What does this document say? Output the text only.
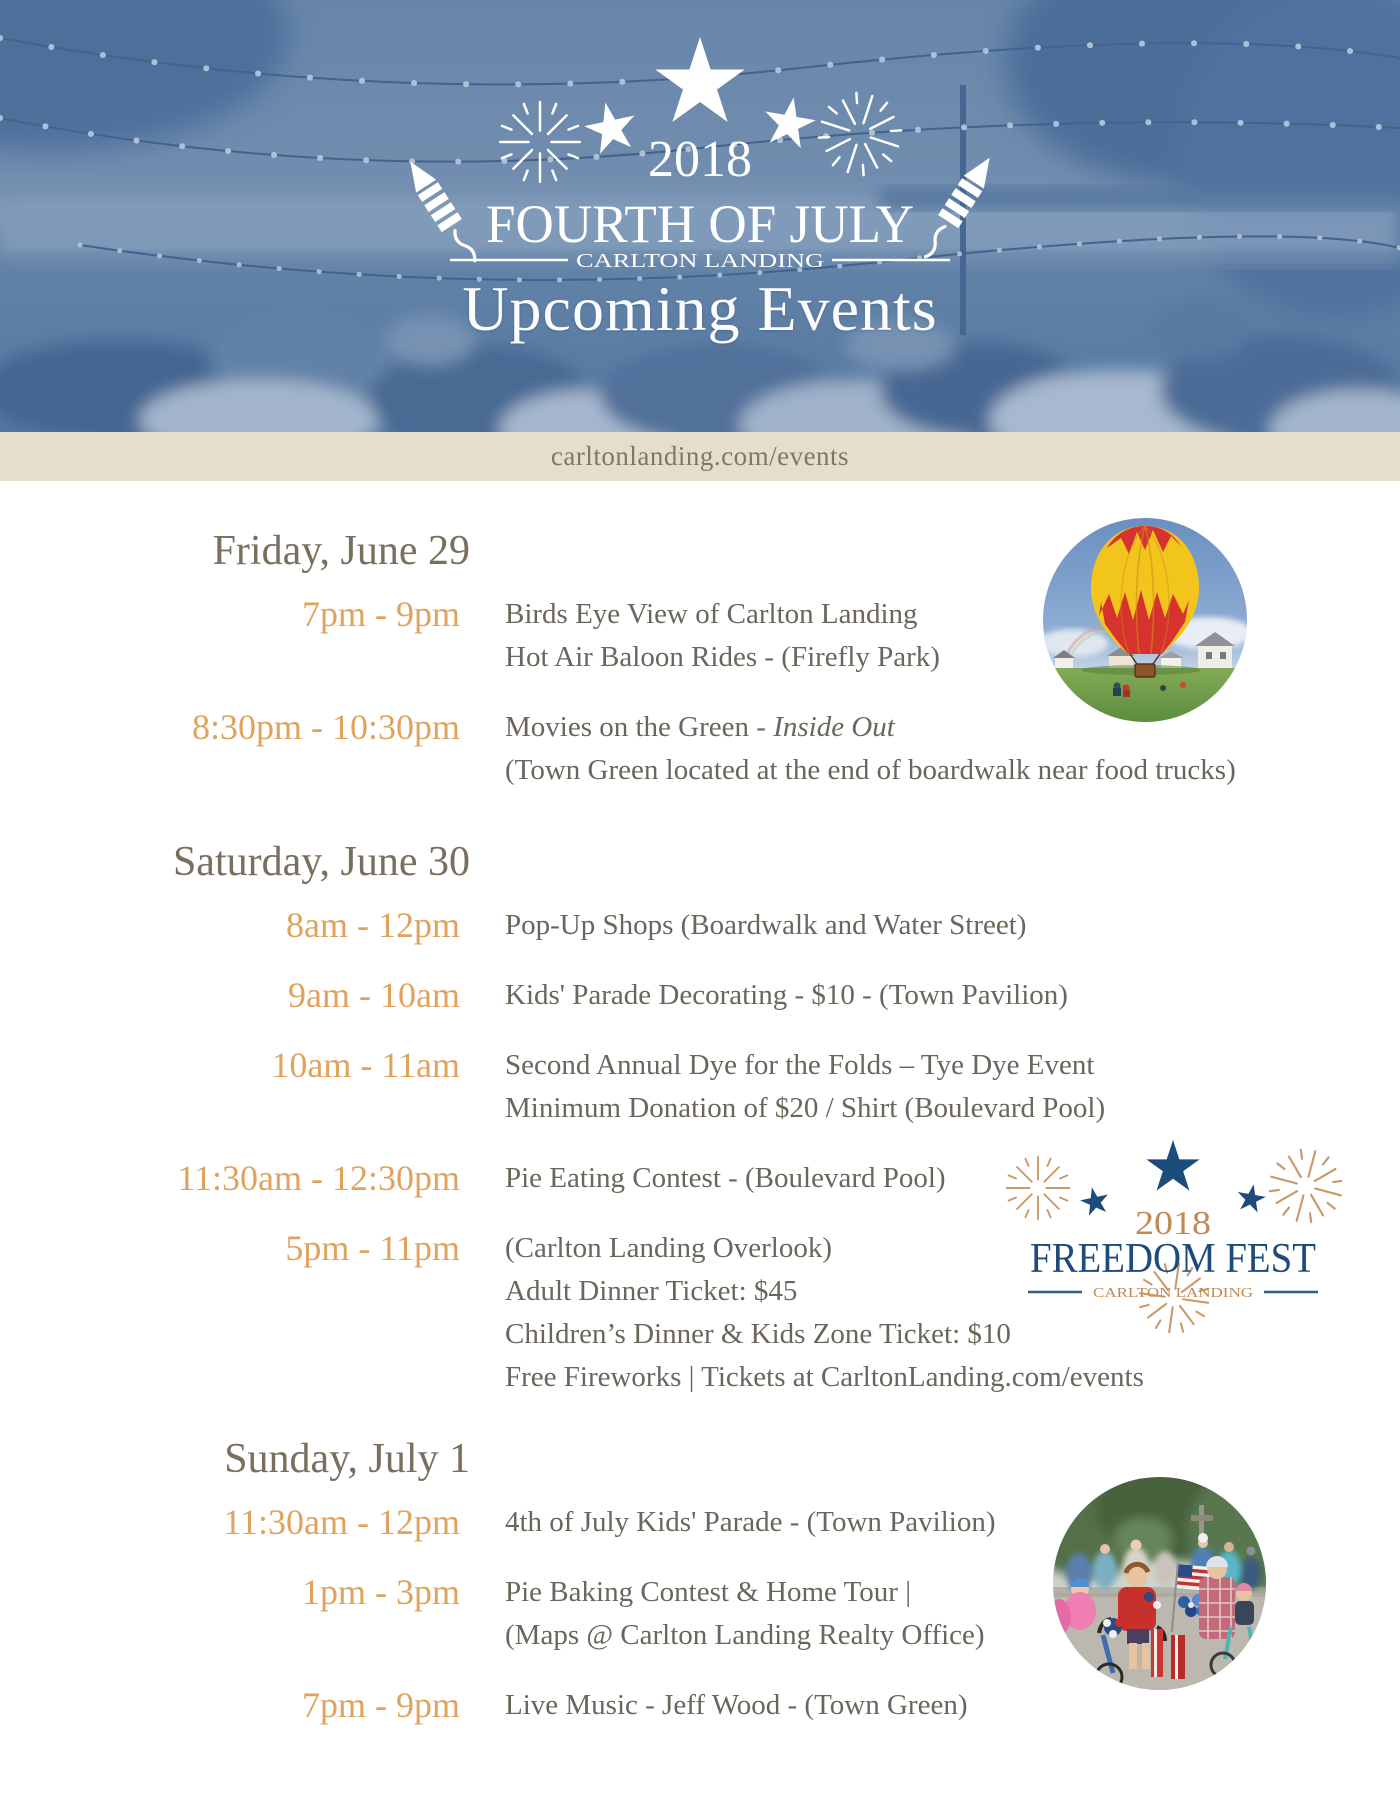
2018
FOURTH OF JULY
CARLTON LANDING
Upcoming Events
carltonlanding.com/events
Friday, June 29
7pm - 9pm Birds Eye View of Carlton Landing

Hot Air Baloon Rides - (Firefly Park)

8:30pm - 10:30pm Movies on the Green - Inside Out

(Town Green located at the end of boardwalk near food trucks)

Saturday, June 30
8am - 12pm Pop-Up Shops (Boardwalk and Water Street)

9am - 10am Kids' Parade Decorating - $10 - (Town Pavilion)

10am - 11am Second Annual Dye for the Folds – Tye Dye Event

Minimum Donation of $20 / Shirt (Boulevard Pool)

11:30am - 12:30pm Pie Eating Contest - (Boulevard Pool)

5pm - 11pm (Carlton Landing Overlook)

Adult Dinner Ticket: $45

Children’s Dinner & Kids Zone Ticket: $10

Free Fireworks | Tickets at CarltonLanding.com/events

Sunday, July 1
11:30am - 12pm 4th of July Kids' Parade - (Town Pavilion)

1pm - 3pm Pie Baking Contest & Home Tour |

(Maps @ Carlton Landing Realty Office)

7pm - 9pm Live Music - Jeff Wood - (Town Green)

2018
FREEDOM FEST
CARLTON LANDING
